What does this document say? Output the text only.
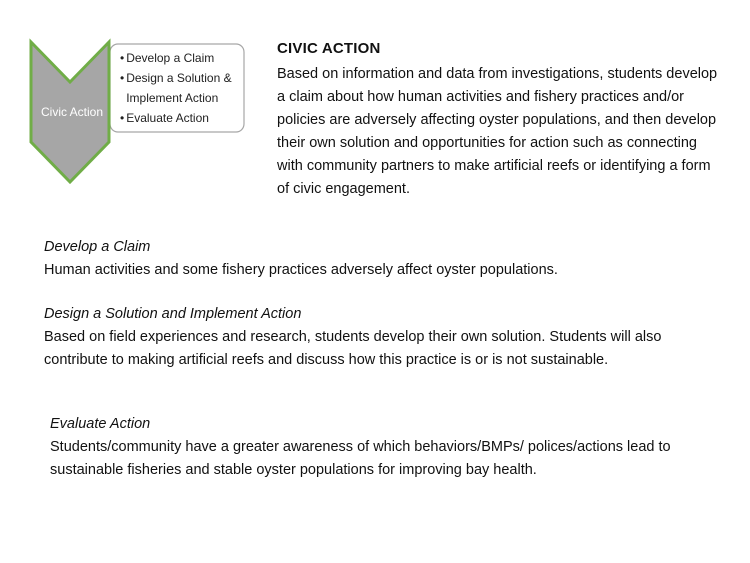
Civic Action
• Develop a Claim
• Design a Solution & Implement Action
• Evaluate Action
CIVIC ACTION
Based on information and data from investigations, students develop a claim about how human activities and fishery practices and/or policies are adversely affecting oyster populations, and then develop their own solution and opportunities for action such as connecting with community partners to make artificial reefs or identifying a form of civic engagement.
Develop a Claim
Human activities and some fishery practices adversely affect oyster populations.
Design a Solution and Implement Action
Based on field experiences and research, students develop their own solution. Students will also contribute to making artificial reefs and discuss how this practice is or is not sustainable.
Evaluate Action
Students/community have a greater awareness of which behaviors/BMPs/ polices/actions lead to sustainable fisheries and stable oyster populations for improving bay health.
